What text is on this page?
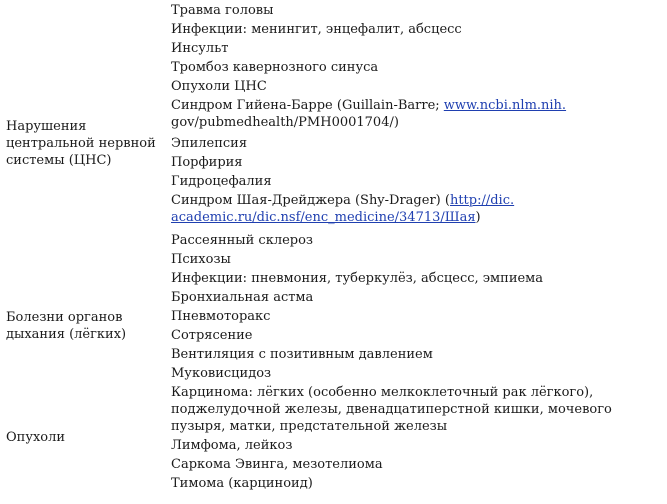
Нарушения центральной нервной системы (ЦНС)
Болезни органов дыхания (лёгких)
Опухоли
Травма головы
Инфекции: менингит, энцефалит, абсцесс
Инсульт
Тромбоз кавернозного синуса
Опухоли ЦНС
Синдром Гийена-Барре (Guillain-Barre; www.ncbi.nlm.nih. gov/pubmedhealth/PMH0001704/)
Эпилепсия
Порфирия
Гидроцефалия
Синдром Шая-Дрейджера (Shy-Drager) (http://dic.
academic.ru/dic.nsf/enc_medicine/34713/Шая)
Рассеянный склероз
Психозы
Инфекции: пневмония, туберкулёз, абсцесс, эмпиема
Бронхиальная астма
Пневмоторакс
Сотрясение
Вентиляция с позитивным давлением
Муковисцидоз
Карцинома: лёгких (особенно мелкоклеточный рак лёгкого), поджелудочной железы, двенадцатиперстной кишки, мочевого пузыря, матки, предстательной железы
Лимфома, лейкоз
Саркома Эвинга, мезотелиома
Тимома (карциноид)
